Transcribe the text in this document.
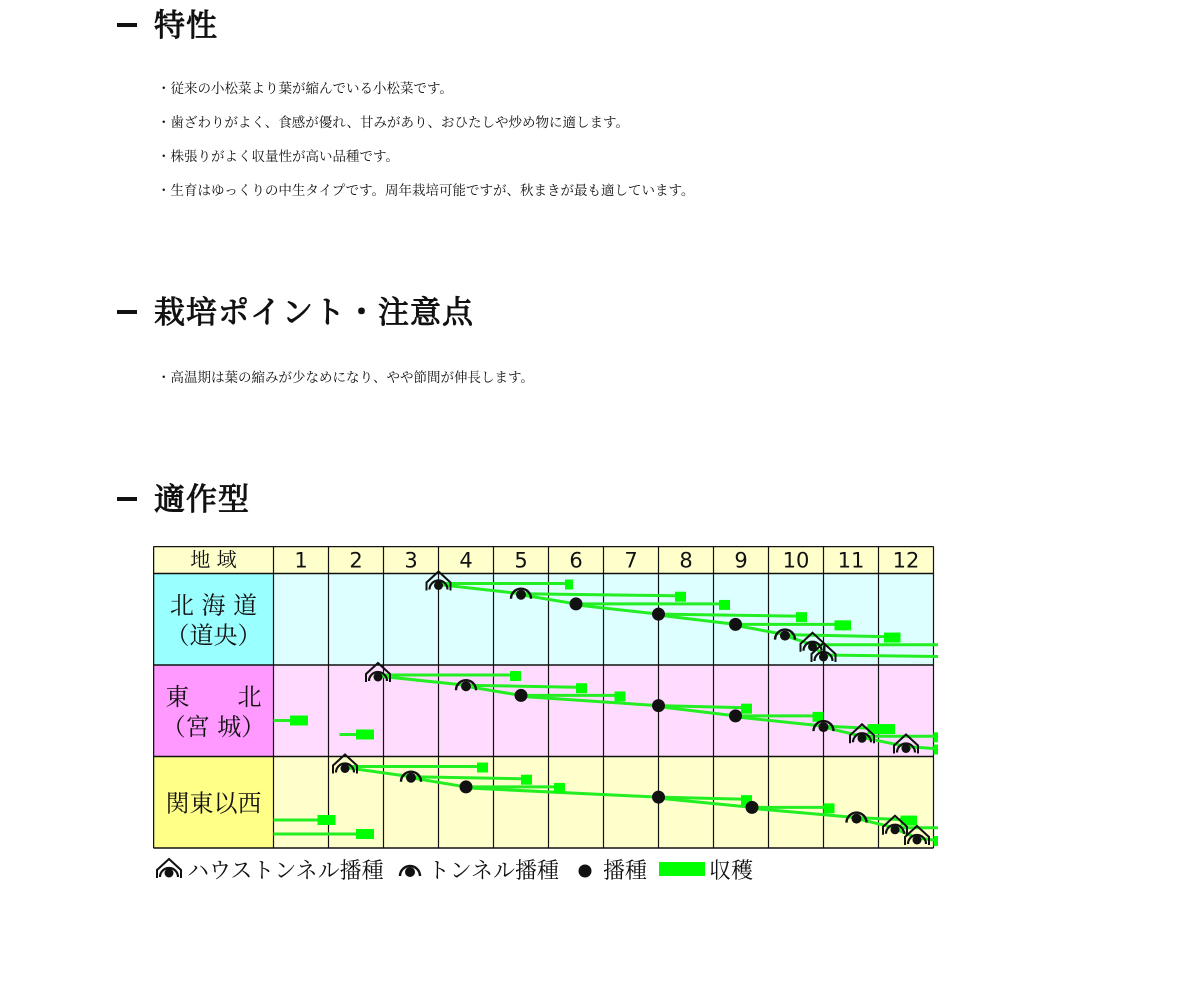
特性
・従来の小松菜より葉が縮んでいる小松菜です。
・歯ざわりがよく、食感が優れ、甘みがあり、おひたしや炒め物に適します。
・株張りがよく収量性が高い品種です。
・生育はゆっくりの中生タイプです。周年栽培可能ですが、秋まきが最も適しています。
栽培ポイント・注意点
・高温期は葉の縮みが少なめになり、やや節間が伸長します。
適作型
地 域	1 2 3 4 5 6 7 8 9 10 11 12
北 海 道
（道央）
東　　北
（宮 城）
関東以西
ハウストンネル播種 トンネル播種 播種	収穫
